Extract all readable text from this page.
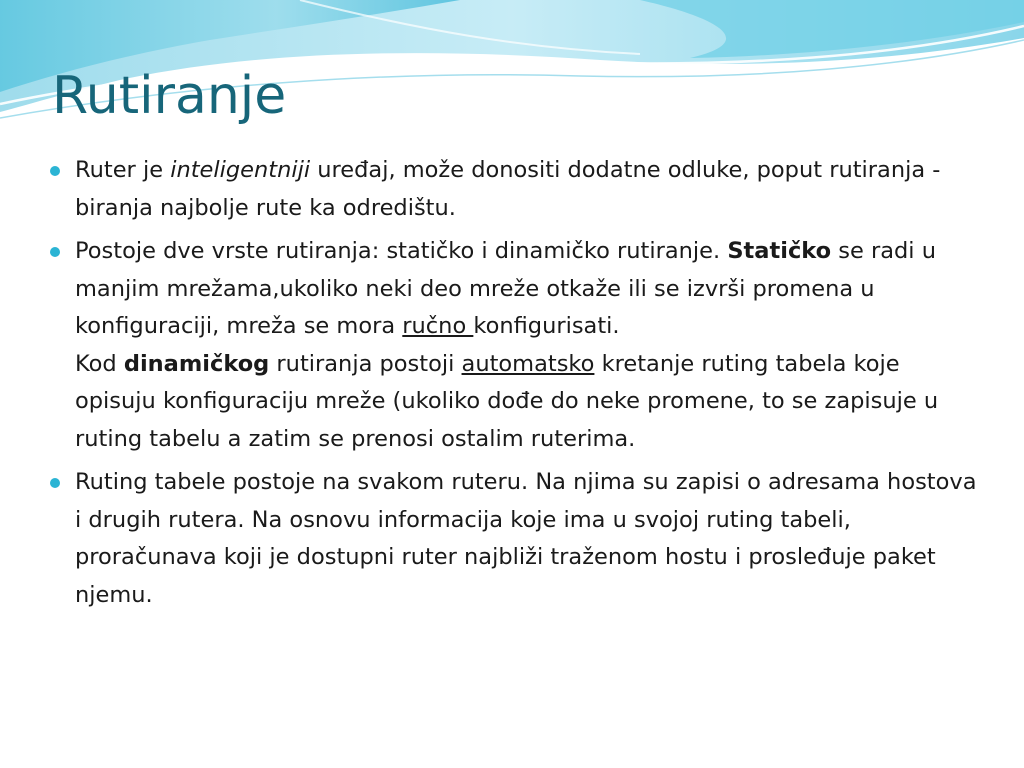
Rutiranje
Ruter je inteligentniji uređaj, može donositi dodatne odluke, poput rutiranja -biranja najbolje rute ka odredištu.
Postoje dve vrste rutiranja: statičko i dinamičko rutiranje. Statičko se radi u manjim mrežama,ukoliko neki deo mreže otkaže ili se izvrši promena u konfiguraciji, mreža se mora ručno konfigurisati.
Kod dinamičkog rutiranja postoji automatsko kretanje ruting tabela koje opisuju konfiguraciju mreže (ukoliko dođe do neke promene, to se zapisuje u ruting tabelu a zatim se prenosi ostalim ruterima.
Ruting tabele postoje na svakom ruteru. Na njima su zapisi o adresama hostova i drugih rutera. Na osnovu informacija koje ima u svojoj ruting tabeli, proračunava koji je dostupni ruter najbliži traženom hostu i prosleđuje paket njemu.
